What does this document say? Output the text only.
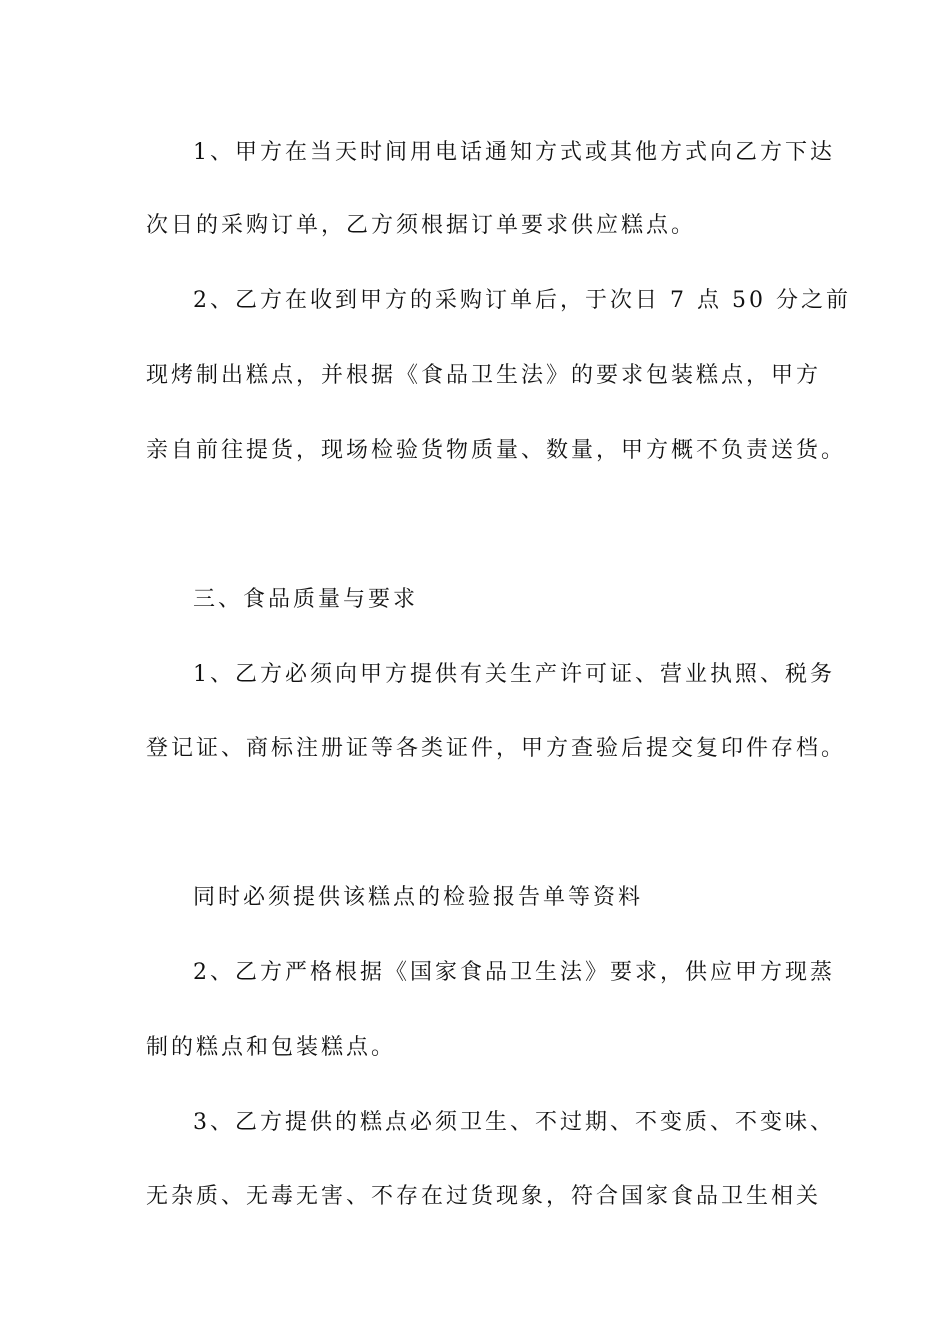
1、甲方在当天时间用电话通知方式或其他方式向乙方下达
次日的采购订单，乙方须根据订单要求供应糕点。
2、乙方在收到甲方的采购订单后，于次日 7 点 50 分之前
现烤制出糕点，并根据《食品卫生法》的要求包装糕点，甲方
亲自前往提货，现场检验货物质量、数量，甲方概不负责送货。
三、食品质量与要求
1、乙方必须向甲方提供有关生产许可证、营业执照、税务
登记证、商标注册证等各类证件，甲方查验后提交复印件存档。
同时必须提供该糕点的检验报告单等资料
2、乙方严格根据《国家食品卫生法》要求，供应甲方现蒸
制的糕点和包装糕点。
3、乙方提供的糕点必须卫生、不过期、不变质、不变味、
无杂质、无毒无害、不存在过货现象，符合国家食品卫生相关
